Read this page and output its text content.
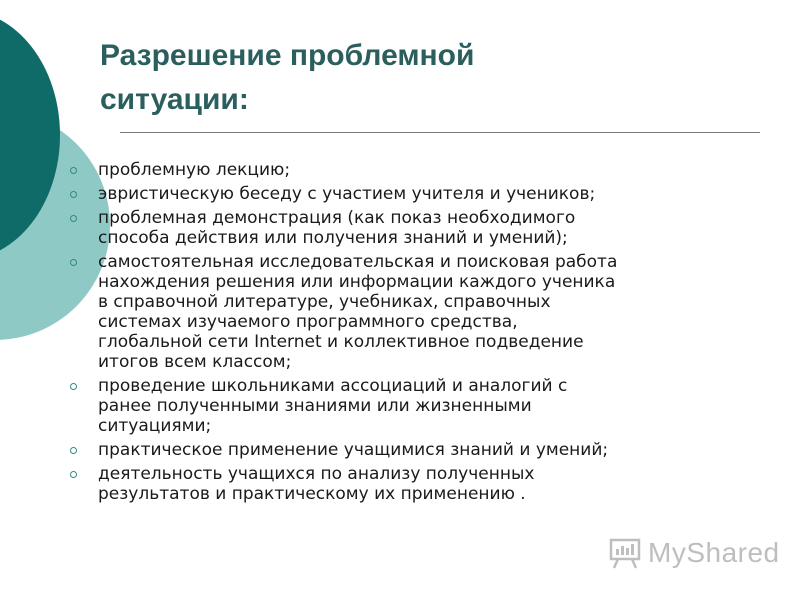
Разрешение проблемной
ситуации:
проблемную лекцию;
эвристическую беседу с участием учителя и учеников;
проблемная демонстрация (как показ необходимого
способа действия или получения знаний и умений);
самостоятельная исследовательская и поисковая работа
нахождения решения или информации каждого ученика
в справочной литературе, учебниках, справочных
системах изучаемого программного средства,
глобальной сети Internet и коллективное подведение
итогов всем классом;
проведение школьниками ассоциаций и аналогий с
ранее полученными знаниями или жизненными
ситуациями;
практическое применение учащимися знаний и умений;
деятельность учащихся по анализу полученных
результатов и практическому их применению .
MyShared
